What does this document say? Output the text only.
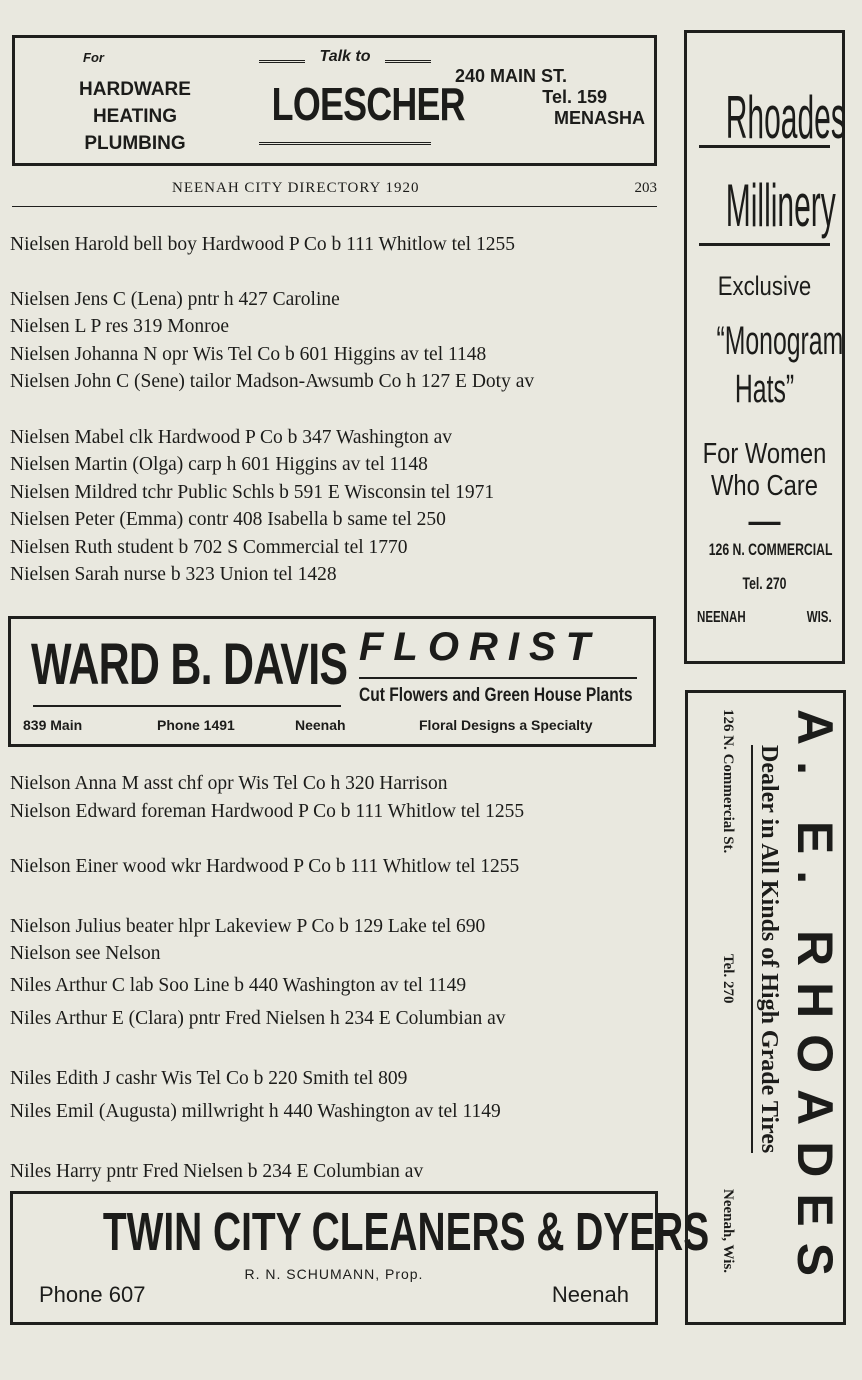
For
HARDWARE
HEATING
PLUMBING
Talk to
LOESCHER
240 MAIN ST.
Tel. 159
MENASHA
NEENAH CITY DIRECTORY 1920	203
Nielsen Harold bell boy Hardwood P Co b 111 Whitlow tel 1255
Nielsen Jens C (Lena) pntr h 427 Caroline
Nielsen L P res 319 Monroe
Nielsen Johanna N opr Wis Tel Co b 601 Higgins av tel 1148
Nielsen John C (Sene) tailor Madson-Awsumb Co h 127 E Doty av
Nielsen Mabel clk Hardwood P Co b 347 Washington av
Nielsen Martin (Olga) carp h 601 Higgins av tel 1148
Nielsen Mildred tchr Public Schls b 591 E Wisconsin tel 1971
Nielsen Peter (Emma) contr 408 Isabella b same tel 250
Nielsen Ruth student b 702 S Commercial tel 1770
Nielsen Sarah nurse b 323 Union tel 1428
WARD B. DAVIS FLORIST
Cut Flowers and Green House Plants
839 Main	Phone 1491	Neenah	Floral Designs a Specialty
Nielson Anna M asst chf opr Wis Tel Co h 320 Harrison
Nielson Edward foreman Hardwood P Co b 111 Whitlow tel 1255
Nielson Einer wood wkr Hardwood P Co b 111 Whitlow tel 1255
Nielson Julius beater hlpr Lakeview P Co b 129 Lake tel 690
Nielson see Nelson
Niles Arthur C lab Soo Line b 440 Washington av tel 1149
Niles Arthur E (Clara) pntr Fred Nielsen h 234 E Columbian av
Niles Edith J cashr Wis Tel Co b 220 Smith tel 809
Niles Emil (Augusta) millwright h 440 Washington av tel 1149
Niles Harry pntr Fred Nielsen b 234 E Columbian av
TWIN CITY CLEANERS & DYERS
R. N. SCHUMANN, Prop.
Phone 607	Neenah
Rhoades
Millinery
Exclusive
“Monogram
Hats”
For Women
Who Care
—
126 N. COMMERCIAL
Tel. 270
NEENAH	WIS.
A. E. RHOADES
Dealer in All Kinds of High Grade Tires
126 N. Commercial St.
Tel. 270
Neenah, Wis.
